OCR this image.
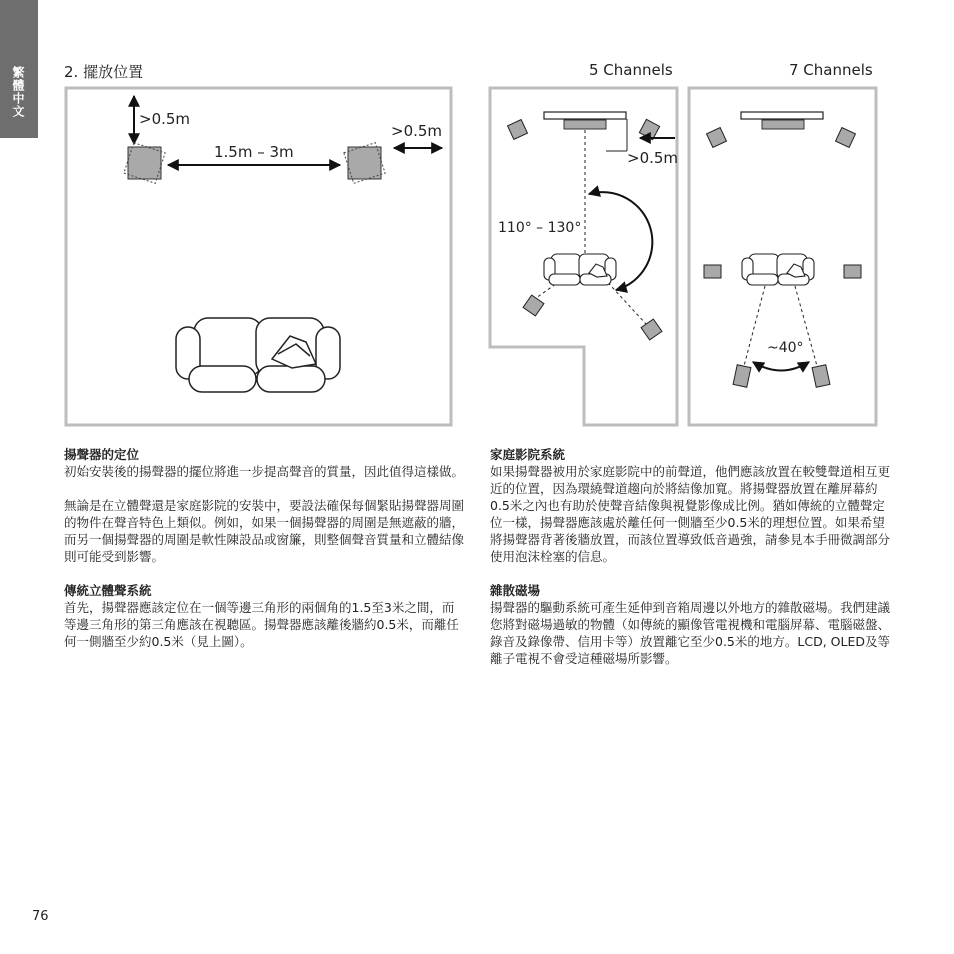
繁體中文	2. 擺放位置	5 Channels	7 Channels
>0.5m
1.5m – 3m
>0.5m
>0.5m
110° – 130°
~40°
揚聲器的定位

初始安裝後的揚聲器的擺位將進一步提高聲音的質量，因此值得這樣做。

無論是在立體聲還是家庭影院的安裝中，要設法確保每個緊貼揚聲器周圍的物件在聲音特色上類似。例如，如果一個揚聲器的周圍是無遮蔽的牆，而另一個揚聲器的周圍是軟性陳設品或窗簾，則整個聲音質量和立體結像則可能受到影響。

傳統立體聲系統

首先，揚聲器應該定位在一個等邊三角形的兩個角的1.5至3米之間，而等邊三角形的第三角應該在視聽區。揚聲器應該離後牆約0.5米，而離任何一側牆至少約0.5米（見上圖）。

家庭影院系統

如果揚聲器被用於家庭影院中的前聲道，他們應該放置在較雙聲道相互更近的位置，因為環繞聲道趨向於將結像加寬。將揚聲器放置在離屏幕約0.5米之內也有助於使聲音結像與視覺影像成比例。猶如傳統的立體聲定位一樣，揚聲器應該處於離任何一側牆至少0.5米的理想位置。如果希望將揚聲器背著後牆放置，而該位置導致低音過強，請參見本手冊微調部分使用泡沫栓塞的信息。

雜散磁場

揚聲器的驅動系統可產生延伸到音箱周邊以外地方的雜散磁場。我們建議您將對磁場過敏的物體（如傳統的顯像管電視機和電腦屏幕、電腦磁盤、錄音及錄像帶、信用卡等）放置離它至少0.5米的地方。LCD, OLED及等離子電視不會受這種磁場所影響。

76
